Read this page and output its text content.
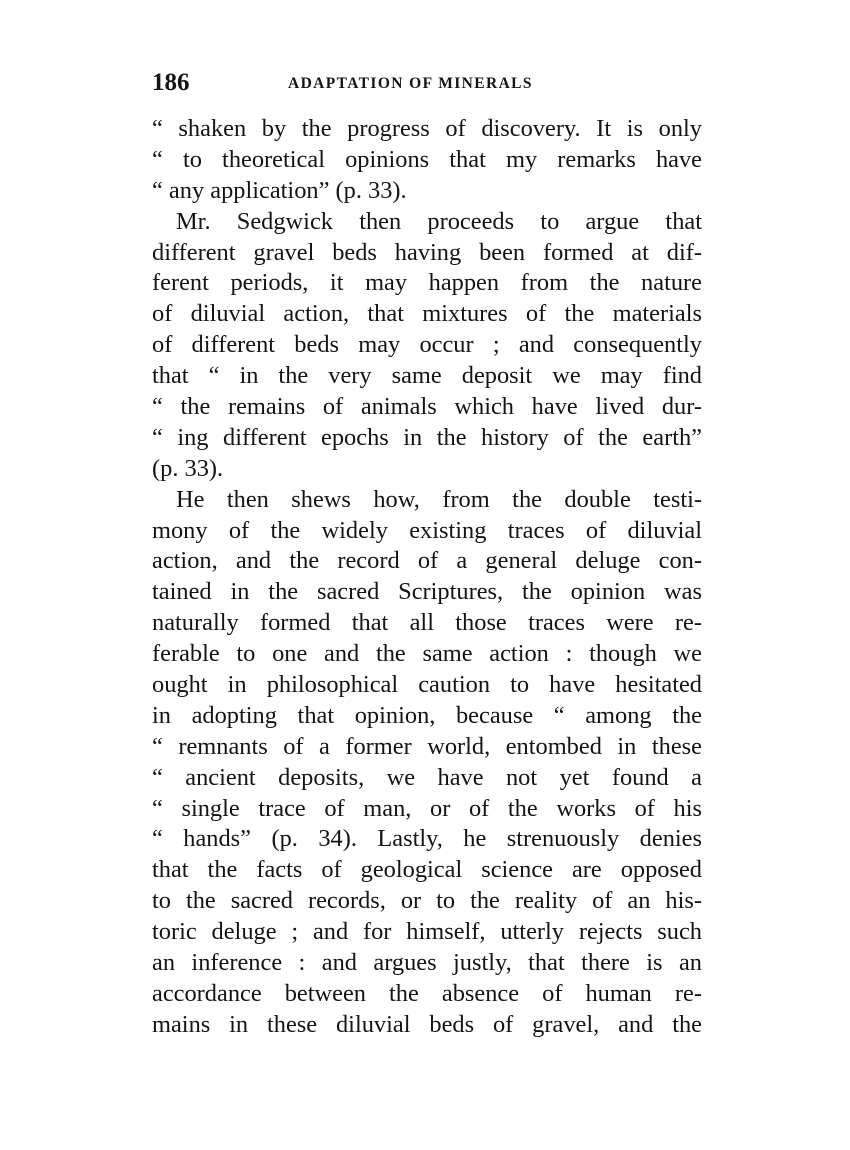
186	ADAPTATION OF MINERALS
“ shaken by the progress of discovery. It is only
“ to theoretical opinions that my remarks have
“ any application” (p. 33).
Mr. Sedgwick then proceeds to argue that
different gravel beds having been formed at dif-
ferent periods, it may happen from the nature
of diluvial action, that mixtures of the materials
of different beds may occur ; and consequently
that “ in the very same deposit we may find
“ the remains of animals which have lived dur-
“ ing different epochs in the history of the earth”
(p. 33).
He then shews how, from the double testi-
mony of the widely existing traces of diluvial
action, and the record of a general deluge con-
tained in the sacred Scriptures, the opinion was
naturally formed that all those traces were re-
ferable to one and the same action : though we
ought in philosophical caution to have hesitated
in adopting that opinion, because “ among the
“ remnants of a former world, entombed in these
“ ancient deposits, we have not yet found a
“ single trace of man, or of the works of his
“ hands” (p. 34). Lastly, he strenuously denies
that the facts of geological science are opposed
to the sacred records, or to the reality of an his-
toric deluge ; and for himself, utterly rejects such
an inference : and argues justly, that there is an
accordance between the absence of human re-
mains in these diluvial beds of gravel, and the
